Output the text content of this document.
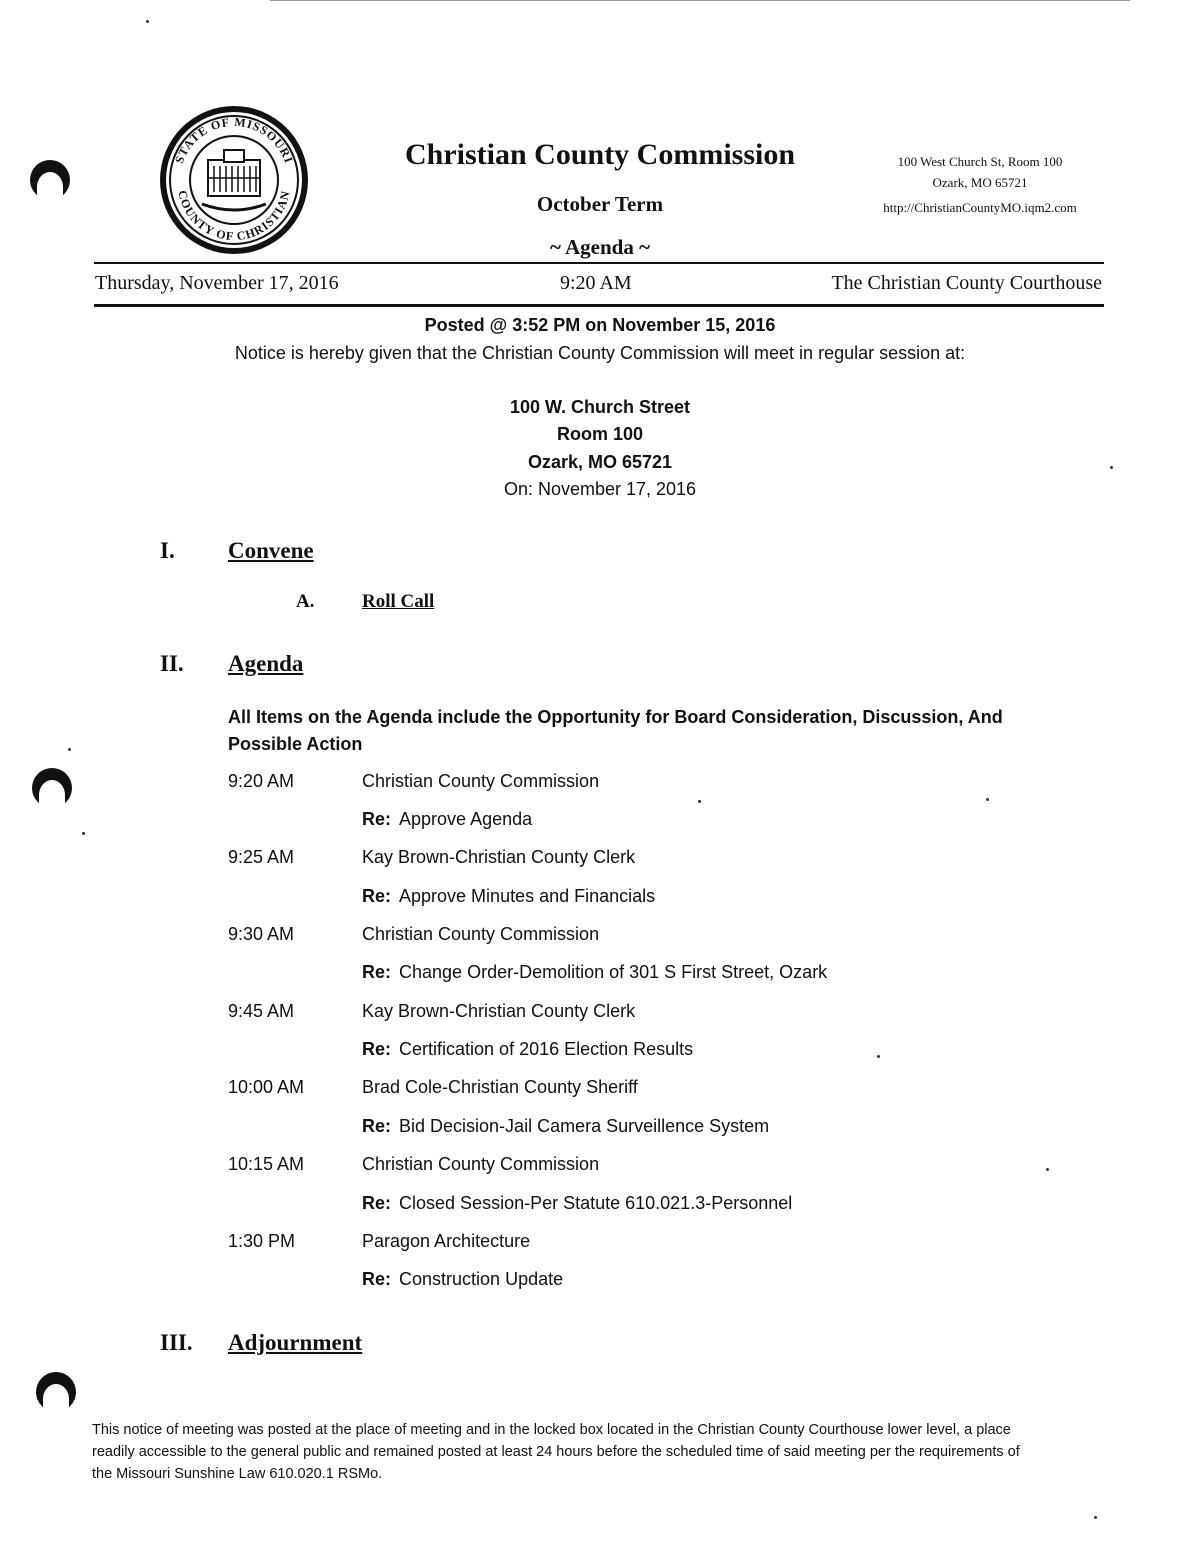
STATE OF MISSOURI
COUNTY OF CHRISTIAN
Christian County Commission
October Term
~ Agenda ~
100 West Church St, Room 100
Ozark, MO 65721
http://ChristianCountyMO.iqm2.com
Thursday, November 17, 2016	9:20 AM	The Christian County Courthouse
Posted @ 3:52 PM on November 15, 2016
Notice is hereby given that the Christian County Commission will meet in regular session at:
100 W. Church Street
Room 100
Ozark, MO 65721
On: November 17, 2016
I. Convene
A.	Roll Call
II. Agenda
All Items on the Agenda include the Opportunity for Board Consideration, Discussion, And Possible Action
9:20 AM	Christian County Commission
Re: Approve Agenda
9:25 AM	Kay Brown-Christian County Clerk
Re: Approve Minutes and Financials
9:30 AM	Christian County Commission
Re: Change Order-Demolition of 301 S First Street, Ozark
9:45 AM	Kay Brown-Christian County Clerk
Re: Certification of 2016 Election Results
10:00 AM	Brad Cole-Christian County Sheriff
Re: Bid Decision-Jail Camera Surveillence System
10:15 AM	Christian County Commission
Re: Closed Session-Per Statute 610.021.3-Personnel
1:30 PM	Paragon Architecture
Re: Construction Update
III. Adjournment
This notice of meeting was posted at the place of meeting and in the locked box located in the Christian County Courthouse lower level, a place readily accessible to the general public and remained posted at least 24 hours before the scheduled time of said meeting per the requirements of the Missouri Sunshine Law 610.020.1 RSMo.
